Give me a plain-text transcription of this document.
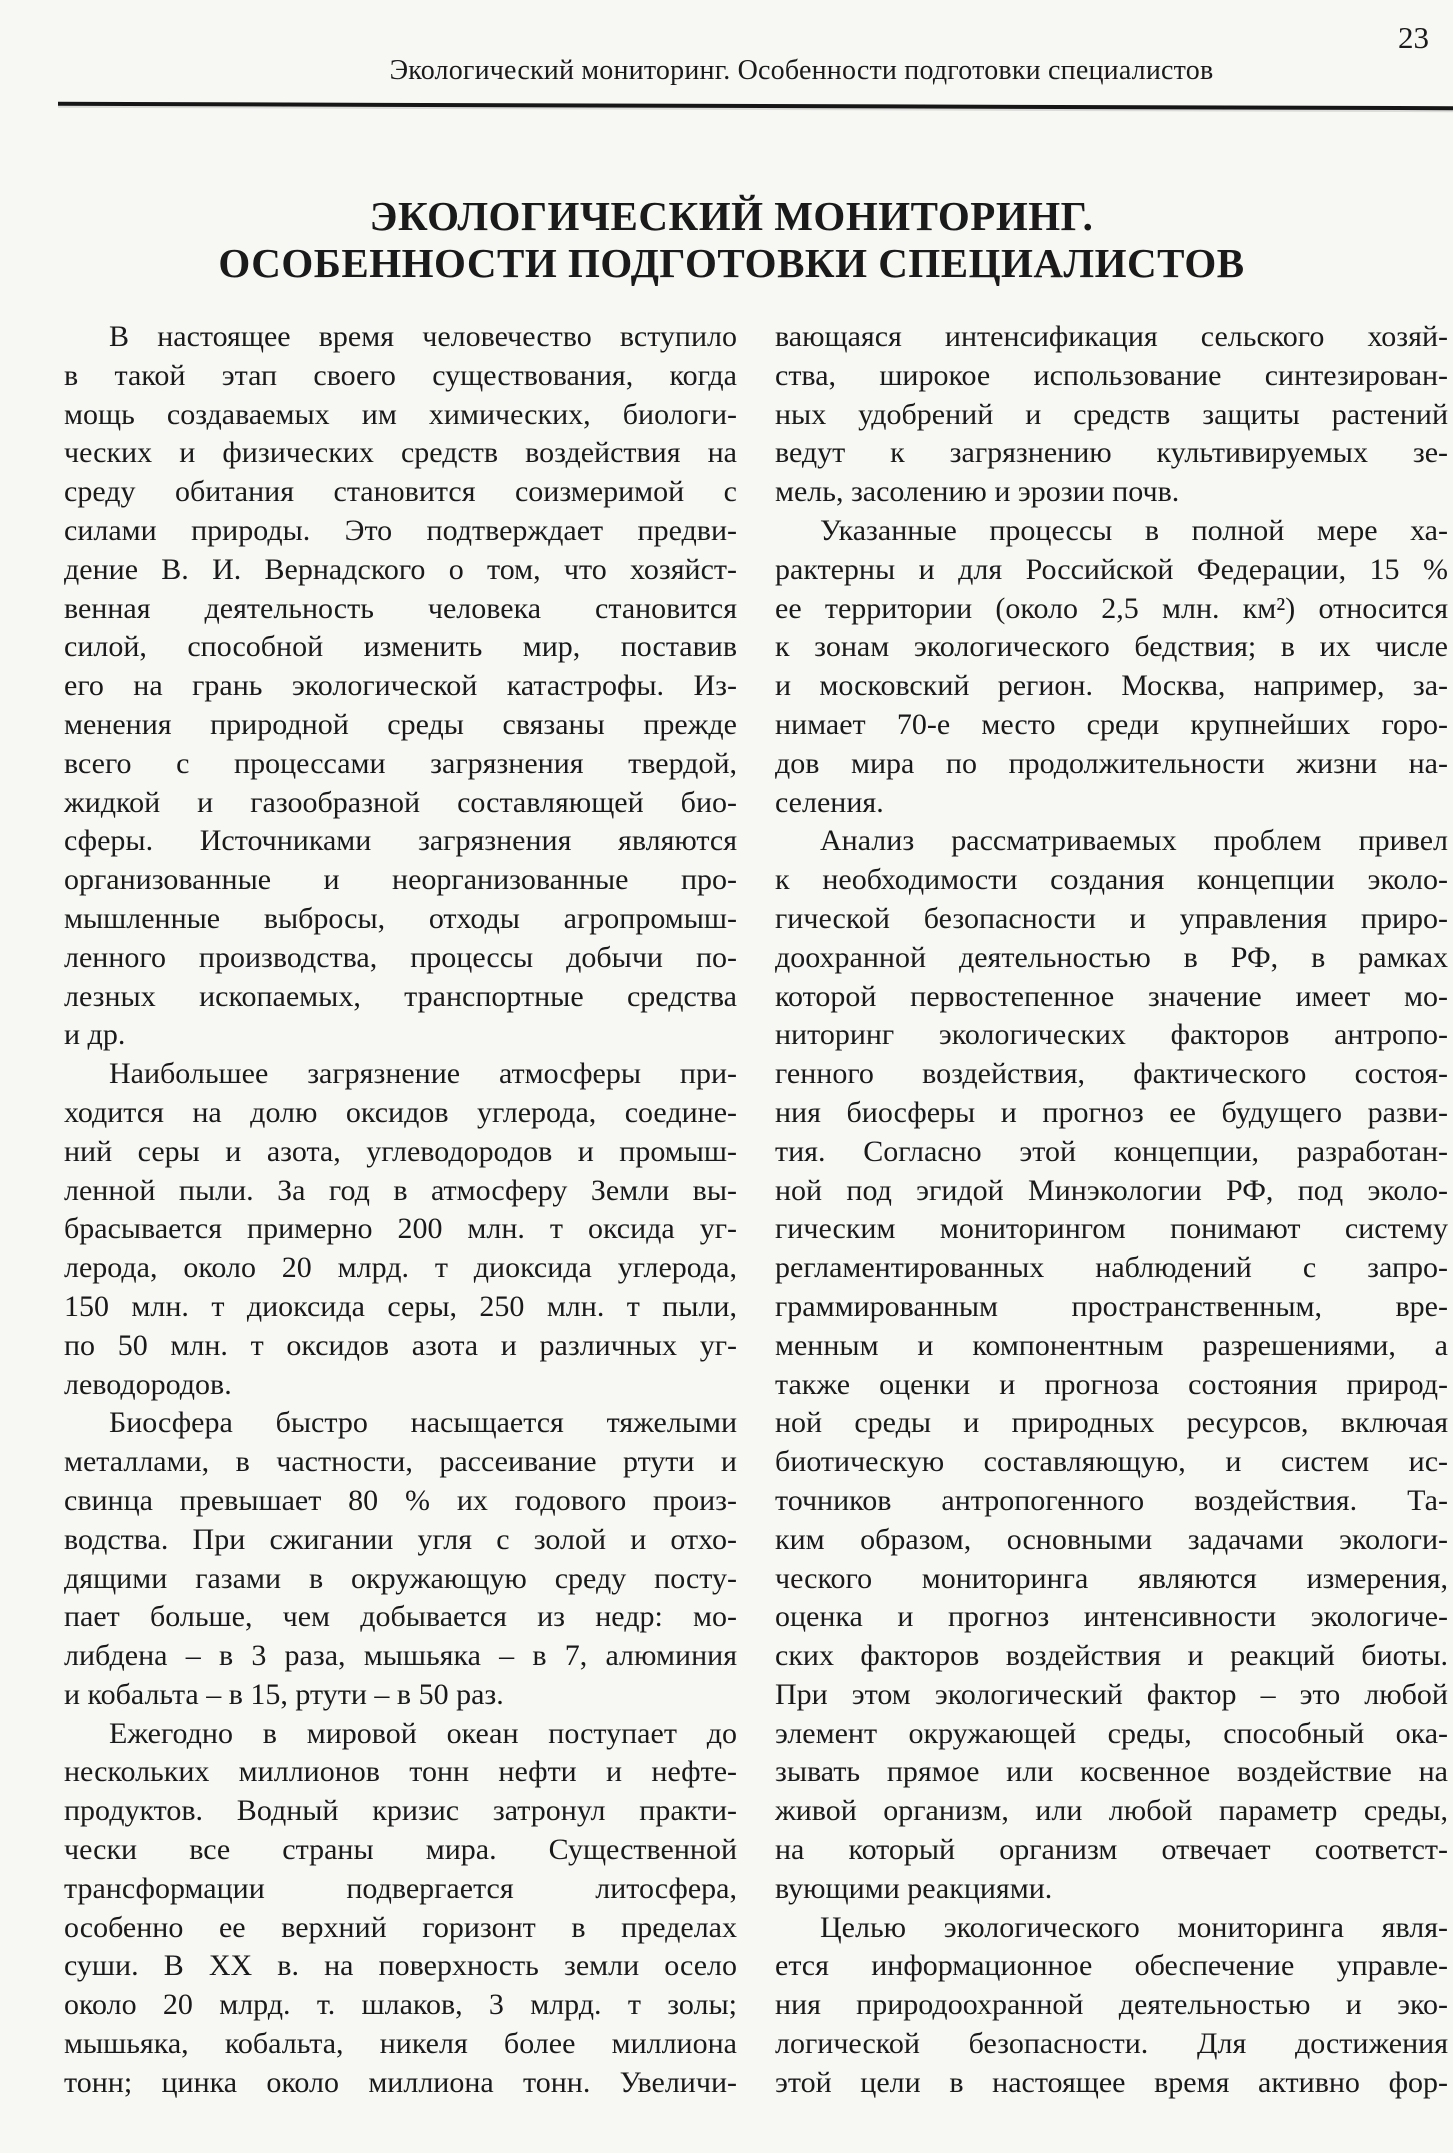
23
Экологический мониторинг. Особенности подготовки специалистов
ЭКОЛОГИЧЕСКИЙ МОНИТОРИНГ.
ОСОБЕННОСТИ ПОДГОТОВКИ СПЕЦИАЛИСТОВ
В настоящее время человечество вступило
в такой этап своего существования, когда
мощь создаваемых им химических, биологи-
ческих и физических средств воздействия на
среду обитания становится соизмеримой с
силами природы. Это подтверждает предви-
дение В. И. Вернадского о том, что хозяйст-
венная деятельность человека становится
силой, способной изменить мир, поставив
его на грань экологической катастрофы. Из-
менения природной среды связаны прежде
всего с процессами загрязнения твердой,
жидкой и газообразной составляющей био-
сферы. Источниками загрязнения являются
организованные и неорганизованные про-
мышленные выбросы, отходы агропромыш-
ленного производства, процессы добычи по-
лезных ископаемых, транспортные средства
и др.
Наибольшее загрязнение атмосферы при-
ходится на долю оксидов углерода, соедине-
ний серы и азота, углеводородов и промыш-
ленной пыли. За год в атмосферу Земли вы-
брасывается примерно 200 млн. т оксида уг-
лерода, около 20 млрд. т диоксида углерода,
150 млн. т диоксида серы, 250 млн. т пыли,
по 50 млн. т оксидов азота и различных уг-
леводородов.
Биосфера быстро насыщается тяжелыми
металлами, в частности, рассеивание ртути и
свинца превышает 80 % их годового произ-
водства. При сжигании угля с золой и отхо-
дящими газами в окружающую среду посту-
пает больше, чем добывается из недр: мо-
либдена – в 3 раза, мышьяка – в 7, алюминия
и кобальта – в 15, ртути – в 50 раз.
Ежегодно в мировой океан поступает до
нескольких миллионов тонн нефти и нефте-
продуктов. Водный кризис затронул практи-
чески все страны мира. Существенной
трансформации подвергается литосфера,
особенно ее верхний горизонт в пределах
суши. В XX в. на поверхность земли осело
около 20 млрд. т. шлаков, 3 млрд. т золы;
мышьяка, кобальта, никеля более миллиона
тонн; цинка около миллиона тонн. Увеличи-
вающаяся интенсификация сельского хозяй-
ства, широкое использование синтезирован-
ных удобрений и средств защиты растений
ведут к загрязнению культивируемых зе-
мель, засолению и эрозии почв.
Указанные процессы в полной мере ха-
рактерны и для Российской Федерации, 15 %
ее территории (около 2,5 млн. км²) относится
к зонам экологического бедствия; в их числе
и московский регион. Москва, например, за-
нимает 70-е место среди крупнейших горо-
дов мира по продолжительности жизни на-
селения.
Анализ рассматриваемых проблем привел
к необходимости создания концепции эколо-
гической безопасности и управления приро-
доохранной деятельностью в РФ, в рамках
которой первостепенное значение имеет мо-
ниторинг экологических факторов антропо-
генного воздействия, фактического состоя-
ния биосферы и прогноз ее будущего разви-
тия. Согласно этой концепции, разработан-
ной под эгидой Минэкологии РФ, под эколо-
гическим мониторингом понимают систему
регламентированных наблюдений с запро-
граммированным пространственным, вре-
менным и компонентным разрешениями, а
также оценки и прогноза состояния природ-
ной среды и природных ресурсов, включая
биотическую составляющую, и систем ис-
точников антропогенного воздействия. Та-
ким образом, основными задачами экологи-
ческого мониторинга являются измерения,
оценка и прогноз интенсивности экологиче-
ских факторов воздействия и реакций биоты.
При этом экологический фактор – это любой
элемент окружающей среды, способный ока-
зывать прямое или косвенное воздействие на
живой организм, или любой параметр среды,
на который организм отвечает соответст-
вующими реакциями.
Целью экологического мониторинга явля-
ется информационное обеспечение управле-
ния природоохранной деятельностью и эко-
логической безопасности. Для достижения
этой цели в настоящее время активно фор-
